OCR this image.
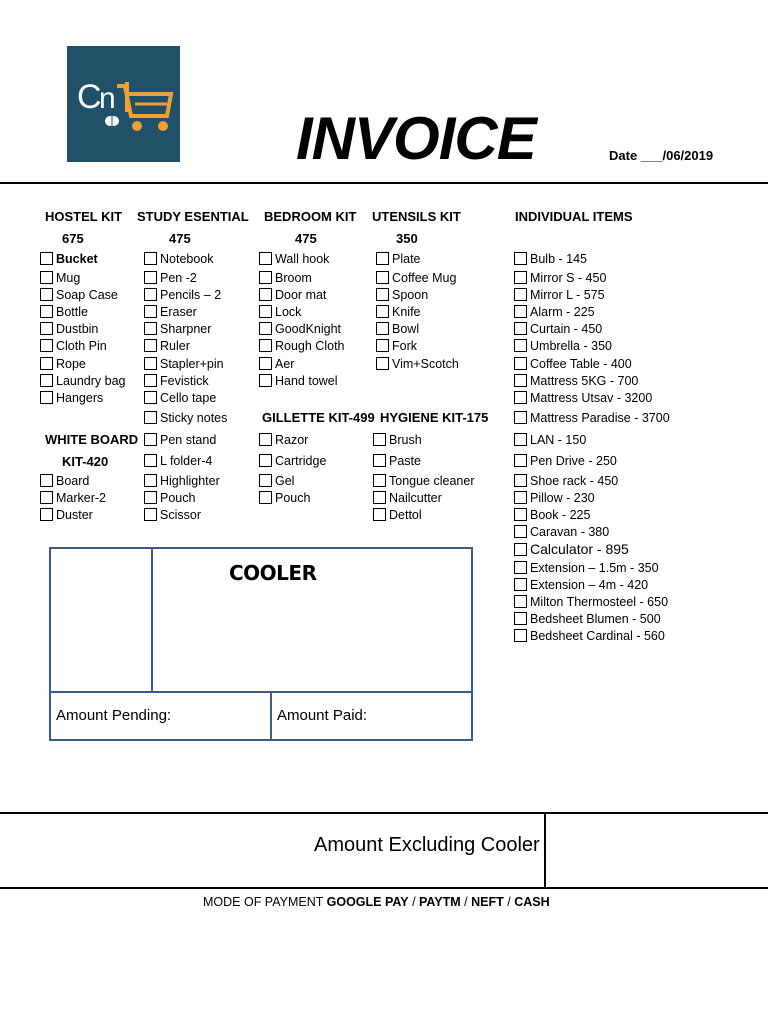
C
n
INVOICE	Date ___/06/2019
HOSTEL KIT
675
STUDY ESENTIAL
475
BEDROOM KIT
475
UTENSILS KIT
350
INDIVIDUAL ITEMS
Bucket
Mug
Soap Case
Bottle
Dustbin
Cloth Pin
Rope
Laundry bag
Hangers
Notebook
Pen -2
Pencils – 2
Eraser
Sharpner
Ruler
Stapler+pin
Fevistick
Cello tape
Sticky notes
Pen stand
L folder-4
Highlighter
Pouch
Scissor
Wall hook
Broom
Door mat
Lock
GoodKnight
Rough Cloth
Aer
Hand towel
Plate
Coffee Mug
Spoon
Knife
Bowl
Fork
Vim+Scotch
Bulb - 145
Mirror S - 450
Mirror L - 575
Alarm - 225
Curtain - 450
Umbrella - 350
Coffee Table - 400
Mattress 5KG - 700
Mattress Utsav - 3200
Mattress Paradise - 3700
LAN - 150
Pen Drive - 250
Shoe rack - 450
Pillow - 230
Book - 225
Caravan - 380
Calculator - 895
Extension – 1.5m - 350
Extension – 4m - 420
Milton Thermosteel - 650
Bedsheet Blumen - 500
Bedsheet Cardinal - 560
WHITE BOARD
KIT-420
Board
Marker-2
Duster
GILLETTE KIT-499
Razor
Cartridge
Gel
Pouch
HYGIENE KIT-175
Brush
Paste
Tongue cleaner
Nailcutter
Dettol
COOLER
Amount Pending:	Amount Paid:
Amount Excluding Cooler
MODE OF PAYMENT GOOGLE PAY / PAYTM / NEFT / CASH
